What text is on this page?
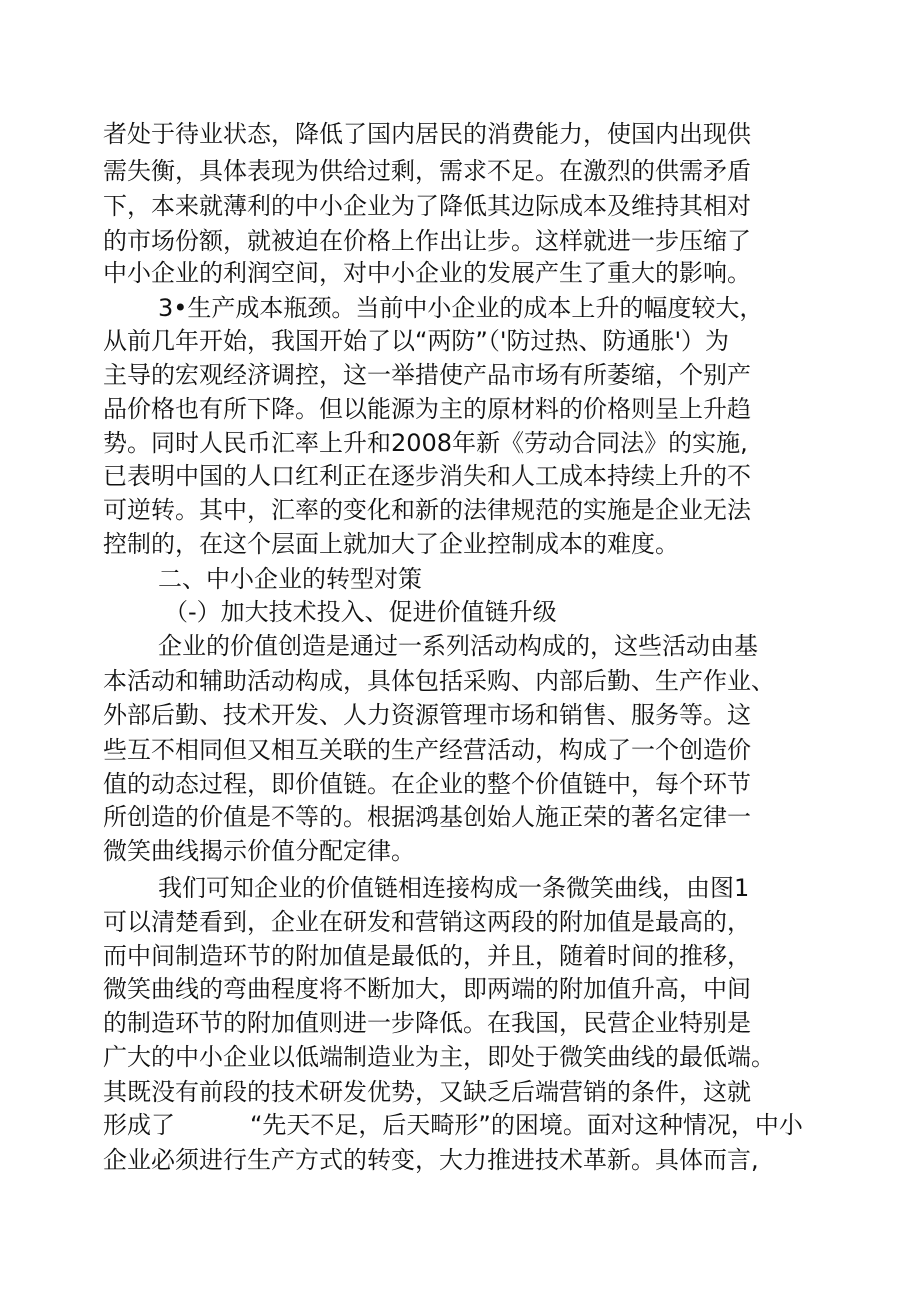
者处于待业状态，降低了国内居民的消费能力，使国内出现供
需失衡，具体表现为供给过剩，需求不足。在激烈的供需矛盾
下，本来就薄利的中小企业为了降低其边际成本及维持其相对
的市场份额，就被迫在价格上作出让步。这样就进一步压缩了
中小企业的利润空间，对中小企业的发展产生了重大的影响。
3•生产成本瓶颈。当前中小企业的成本上升的幅度较大，
从前几年开始，我国开始了以“两防”（'防过热、防通胀'）为
主导的宏观经济调控，这一举措使产品市场有所萎缩，个别产
品价格也有所下降。但以能源为主的原材料的价格则呈上升趋
势。同时人民币汇率上升和2008年新《劳动合同法》的实施,
已表明中国的人口红利正在逐步消失和人工成本持续上升的不
可逆转。其中，汇率的变化和新的法律规范的实施是企业无法
控制的，在这个层面上就加大了企业控制成本的难度。
二、中小企业的转型对策
（-）加大技术投入、促进价值链升级
企业的价值创造是通过一系列活动构成的，这些活动由基
本活动和辅助活动构成，具体包括采购、内部后勤、生产作业、
外部后勤、技术开发、人力资源管理市场和销售、服务等。这
些互不相同但又相互关联的生产经营活动，构成了一个创造价
值的动态过程，即价值链。在企业的整个价值链中，每个环节
所创造的价值是不等的。根据鸿基创始人施正荣的著名定律一
微笑曲线揭示价值分配定律。
我们可知企业的价值链相连接构成一条微笑曲线，由图1
可以清楚看到，企业在研发和营销这两段的附加值是最高的，
而中间制造环节的附加值是最低的，并且，随着时间的推移，
微笑曲线的弯曲程度将不断加大，即两端的附加值升高，中间
的制造环节的附加值则进一步降低。在我国，民营企业特别是
广大的中小企业以低端制造业为主，即处于微笑曲线的最低端。
其既没有前段的技术研发优势，又缺乏后端营销的条件，这就
形成了	“先天不足，后天畸形”的困境。面对这种情况，中小
企业必须进行生产方式的转变，大力推进技术革新。具体而言,
